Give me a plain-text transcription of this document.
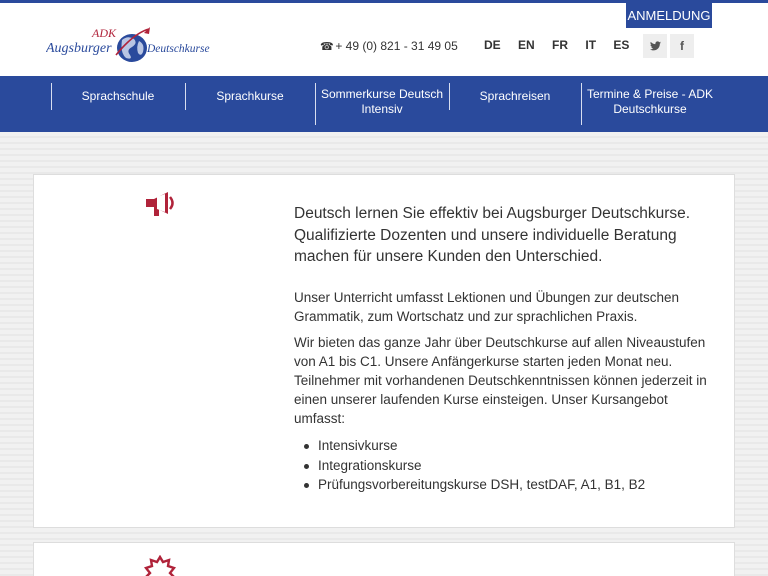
ANMELDUNG
ADK
Augsburger	Deutschkurse	☎ + 49 (0) 821 - 31 49 05 DE EN FR IT ES	f
Sprachschule	Sprachkurse	Sommerkurse Deutsch Intensiv
Sprachreisen	Termine & Preise - ADK Deutschkurse
Deutsch lernen Sie effektiv bei Augsburger Deutschkurse. Qualifizierte Dozenten und unsere individuelle Beratung machen für unsere Kunden den Unterschied.
Unser Unterricht umfasst Lektionen und Übungen zur deutschen Grammatik, zum Wortschatz und zur sprachlichen Praxis.
Wir bieten das ganze Jahr über Deutschkurse auf allen Niveaustufen von A1 bis C1. Unsere Anfängerkurse starten jeden Monat neu. Teilnehmer mit vorhandenen Deutschkenntnissen können jederzeit in einen unserer laufenden Kurse einsteigen. Unser Kursangebot umfasst:
Intensivkurse
Integrationskurse
Prüfungsvorbereitungskurse DSH, testDAF, A1, B1, B2
